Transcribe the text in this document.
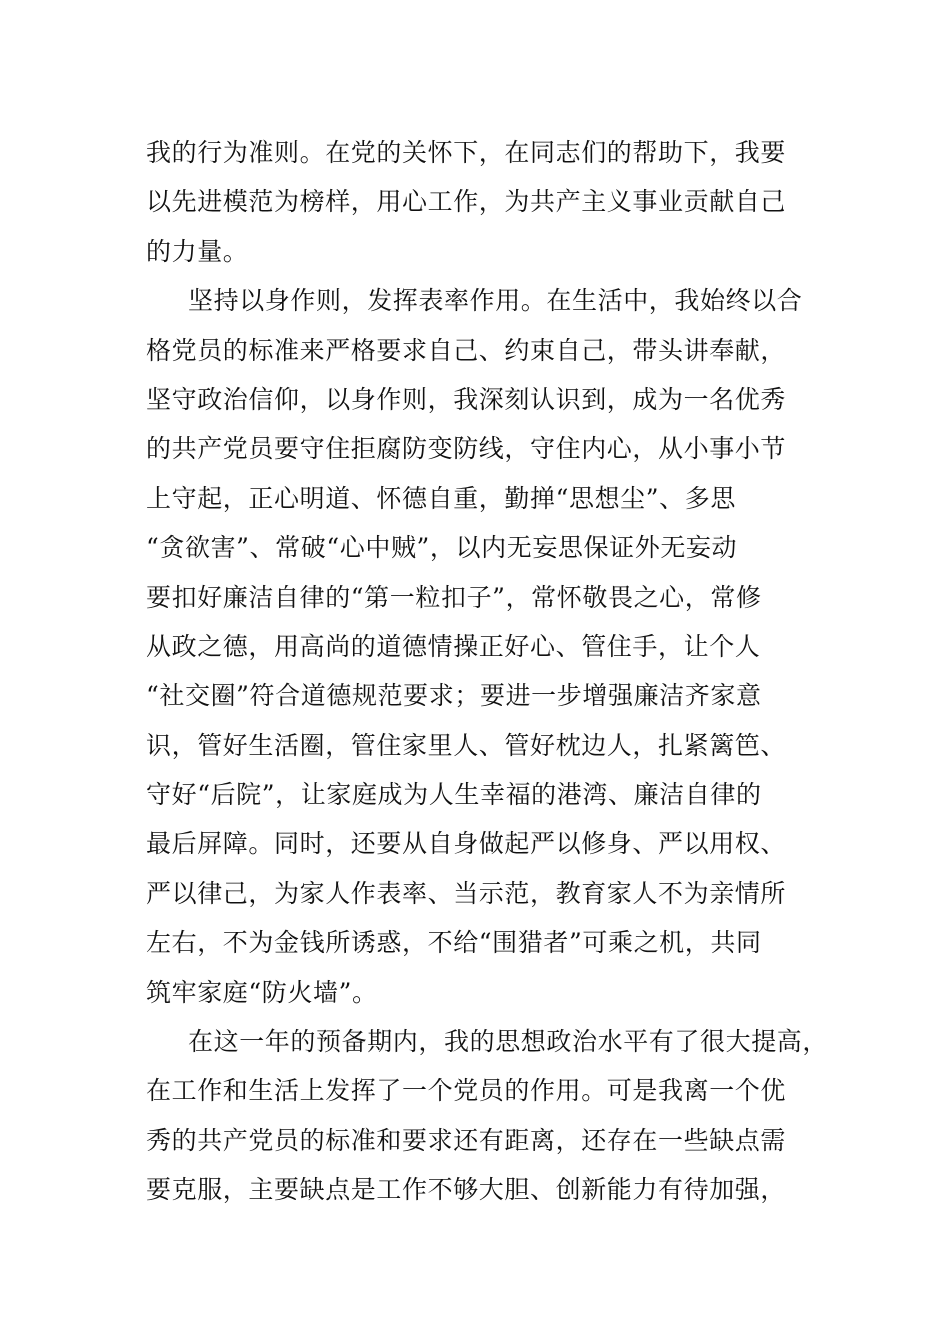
我的行为准则。在党的关怀下，在同志们的帮助下，我要
以先进模范为榜样，用心工作，为共产主义事业贡献自己
的力量。
坚持以身作则，发挥表率作用。在生活中，我始终以合
格党员的标准来严格要求自己、约束自己，带头讲奉献，
坚守政治信仰，以身作则，我深刻认识到，成为一名优秀
的共产党员要守住拒腐防变防线，守住内心，从小事小节
上守起，正心明道、怀德自重，勤掸“思想尘”、多思
“贪欲害”、常破“心中贼”，以内无妄思保证外无妄动
要扣好廉洁自律的“第一粒扣子”，常怀敬畏之心，常修
从政之德，用高尚的道德情操正好心、管住手，让个人
“社交圈”符合道德规范要求；要进一步增强廉洁齐家意
识，管好生活圈，管住家里人、管好枕边人，扎紧篱笆、
守好“后院”，让家庭成为人生幸福的港湾、廉洁自律的
最后屏障。同时，还要从自身做起严以修身、严以用权、
严以律己，为家人作表率、当示范，教育家人不为亲情所
左右，不为金钱所诱惑，不给“围猎者”可乘之机，共同
筑牢家庭“防火墙”。
在这一年的预备期内，我的思想政治水平有了很大提高，
在工作和生活上发挥了一个党员的作用。可是我离一个优
秀的共产党员的标准和要求还有距离，还存在一些缺点需
要克服，主要缺点是工作不够大胆、创新能力有待加强，
